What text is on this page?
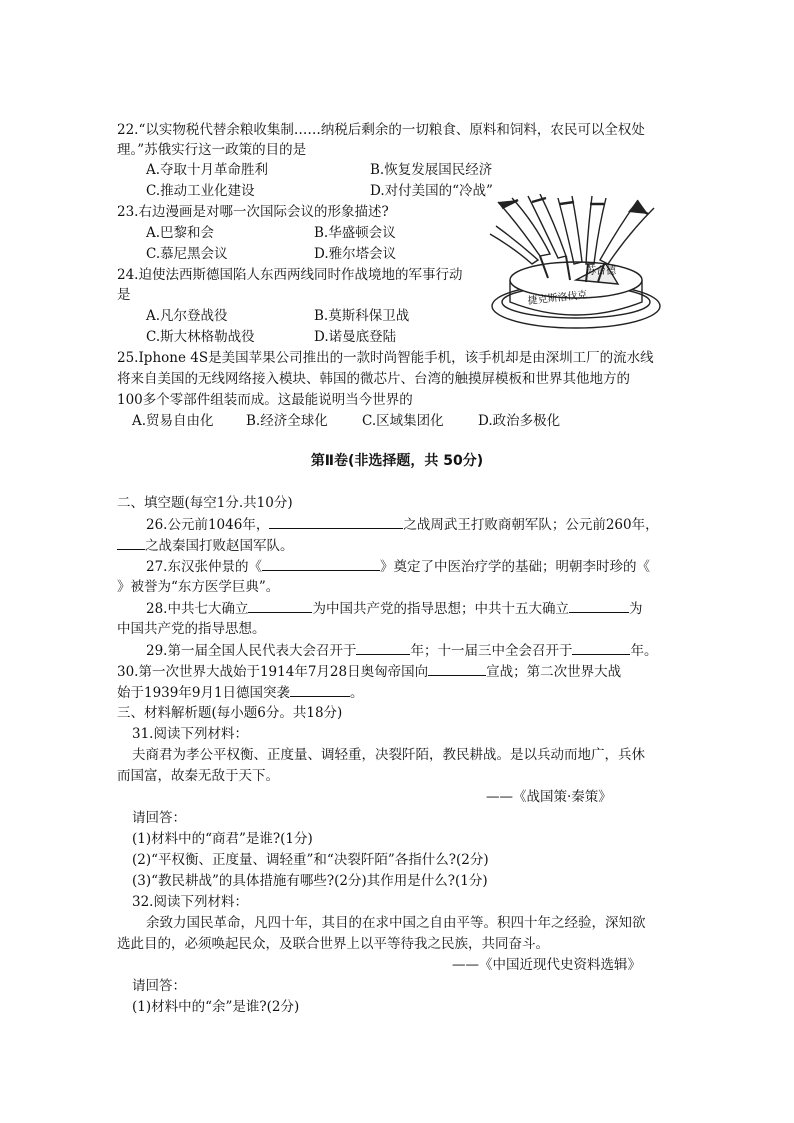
22.“以实物税代替余粮收集制……纳税后剩余的一切粮食、原料和饲料，农民可以全权处
理。”苏俄实行这一政策的目的是
A.夺取十月革命胜利	B.恢复发展国民经济
C.推动工业化建设	D.对付美国的“冷战”
23.右边漫画是对哪一次国际会议的形象描述?
A.巴黎和会	B.华盛顿会议
C.慕尼黑会议	D.雅尔塔会议
苏台德
捷克斯洛伐克
24.迫使法西斯德国陷人东西两线同时作战境地的军事行动
是
A.凡尔登战役	B.莫斯科保卫战
C.斯大林格勒战役	D.诺曼底登陆
25.Iphone 4S是美国苹果公司推出的一款时尚智能手机，该手机却是由深圳工厂的流水线
将来自美国的无线网络接入模块、韩国的微芯片、台湾的触摸屏模板和世界其他地方的
100多个零部件组装而成。这最能说明当今世界的
A.贸易自由化 B.经济全球化	C.区域集团化	D.政治多极化
第Ⅱ卷(非选择题，共 50分)
二、填空题(每空1分.共10分)
26.公元前1046年，	之战周武王打败商朝军队；公元前260年，
之战秦国打败赵国军队。
27.东汉张仲景的《	》奠定了中医治疗学的基础；明朝李时珍的《
》被誉为“东方医学巨典”。
28.中共七大确立	为中国共产党的指导思想；中共十五大确立	为
中国共产党的指导思想。
29.第一届全国人民代表大会召开于	年；十一届三中全会召开于	年。
30.第一次世界大战始于1914年7月28日奥匈帝国向	宣战；第二次世界大战
始于1939年9月1日德国突袭	。
三、材料解析题(每小题6分。共18分)
31.阅读下列材料：
夫商君为孝公平权衡、正度量、调轻重，决裂阡陌，教民耕战。是以兵动而地广，兵休
而国富，故秦无敌于天下。
——《战国策·秦策》
请回答：
(1)材料中的“商君”是谁?(1分)
(2)“平权衡、正度量、调轻重”和“决裂阡陌”各指什么?(2分)
(3)“教民耕战”的具体措施有哪些?(2分)其作用是什么?(1分)
32.阅读下列材料：
余致力国民革命，凡四十年，其目的在求中国之自由平等。积四十年之经验，深知欲
选此目的，必须唤起民众，及联合世界上以平等待我之民族，共同奋斗。
——《中国近现代史资料选辑》
请回答：
(1)材料中的“余”是谁?(2分)
